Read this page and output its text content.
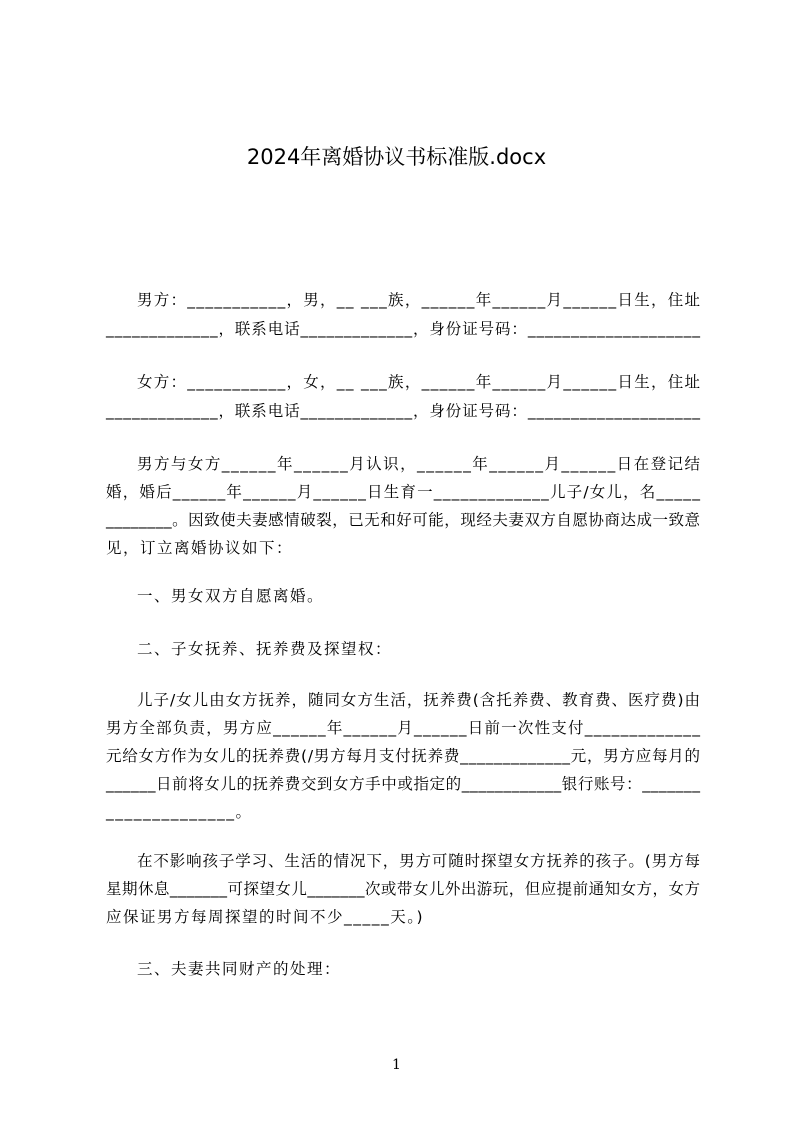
2024年离婚协议书标准版.docx
男方：___________，男，__ ___族，______年______月______日生，住址
_____________，联系电话_____________，身份证号码：____________________
女方：___________，女，__ ___族，______年______月______日生，住址
_____________，联系电话_____________，身份证号码：____________________
男方与女方______年______月认识，______年______月______日在登记结
婚，婚后______年______月______日生育一_____________儿子/女儿，名_____
________。因致使夫妻感情破裂，已无和好可能，现经夫妻双方自愿协商达成一致意
见，订立离婚协议如下：
一、男女双方自愿离婚。
二、子女抚养、抚养费及探望权：
儿子/女儿由女方抚养，随同女方生活，抚养费(含托养费、教育费、医疗费)由
男方全部负责，男方应______年______月______日前一次性支付_____________
元给女方作为女儿的抚养费(/男方每月支付抚养费_____________元，男方应每月的
______日前将女儿的抚养费交到女方手中或指定的____________银行账号：_______
______________。
在不影响孩子学习、生活的情况下，男方可随时探望女方抚养的孩子。(男方每
星期休息_______可探望女儿_______次或带女儿外出游玩，但应提前通知女方，女方
应保证男方每周探望的时间不少_____天。)
三、夫妻共同财产的处理：
1
